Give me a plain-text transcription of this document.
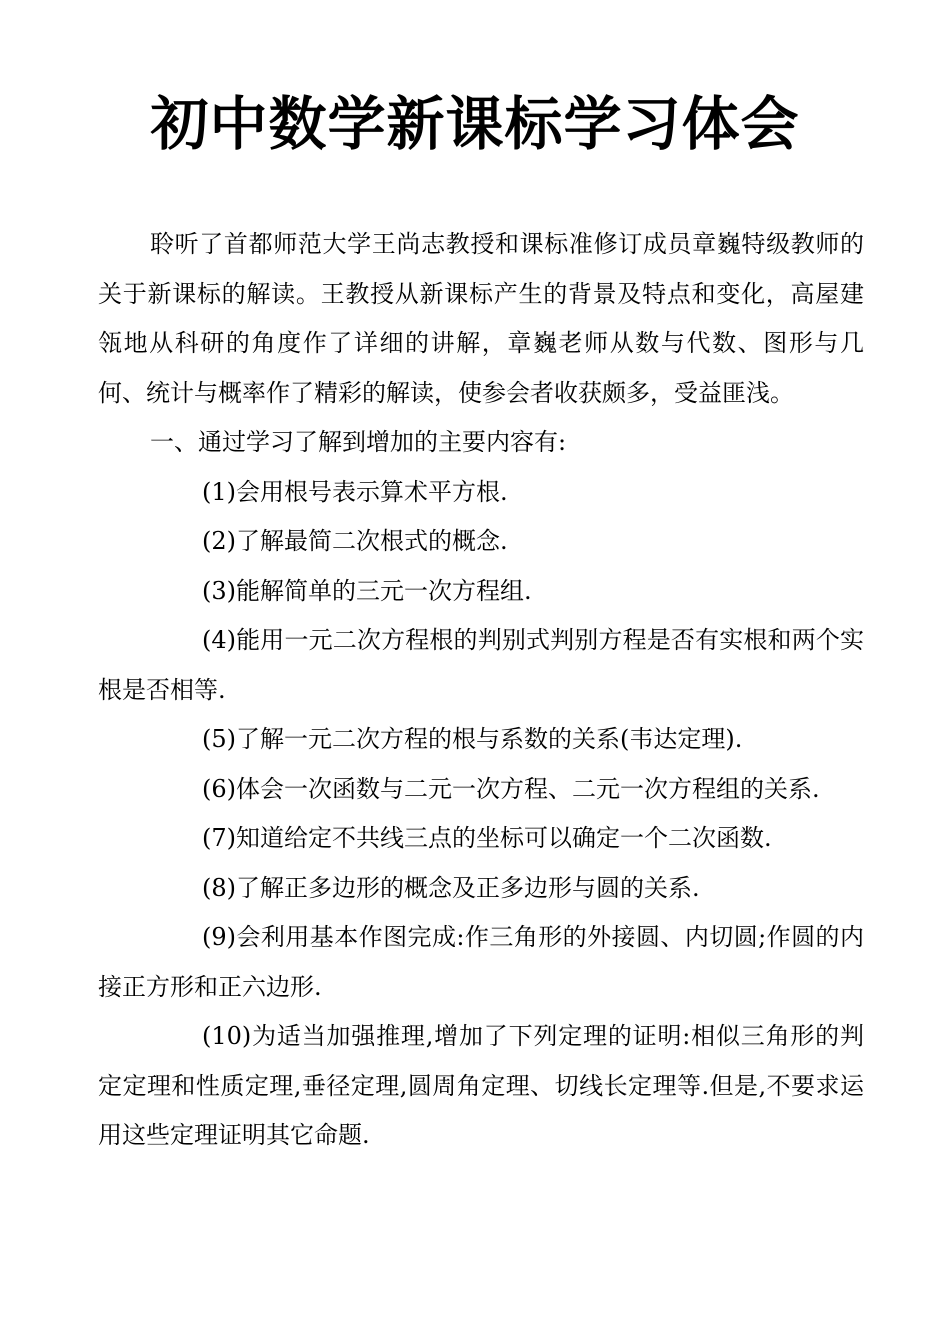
初中数学新课标学习体会

聆听了首都师范大学王尚志教授和课标准修订成员章巍特级教师的关于新课标的解读。王教授从新课标产生的背景及特点和变化，高屋建瓴地从科研的角度作了详细的讲解，章巍老师从数与代数、图形与几何、统计与概率作了精彩的解读，使参会者收获颇多，受益匪浅。

一、通过学习了解到增加的主要内容有:

(1)会用根号表示算术平方根.

(2)了解最简二次根式的概念.

(3)能解简单的三元一次方程组.

(4)能用一元二次方程根的判别式判别方程是否有实根和两个实根是否相等.

(5)了解一元二次方程的根与系数的关系(韦达定理).

(6)体会一次函数与二元一次方程、二元一次方程组的关系.

(7)知道给定不共线三点的坐标可以确定一个二次函数.

(8)了解正多边形的概念及正多边形与圆的关系.

(9)会利用基本作图完成:作三角形的外接圆、内切圆;作圆的内接正方形和正六边形.

(10)为适当加强推理,增加了下列定理的证明:相似三角形的判定定理和性质定理,垂径定理,圆周角定理、切线长定理等.但是,不要求运用这些定理证明其它命题.
